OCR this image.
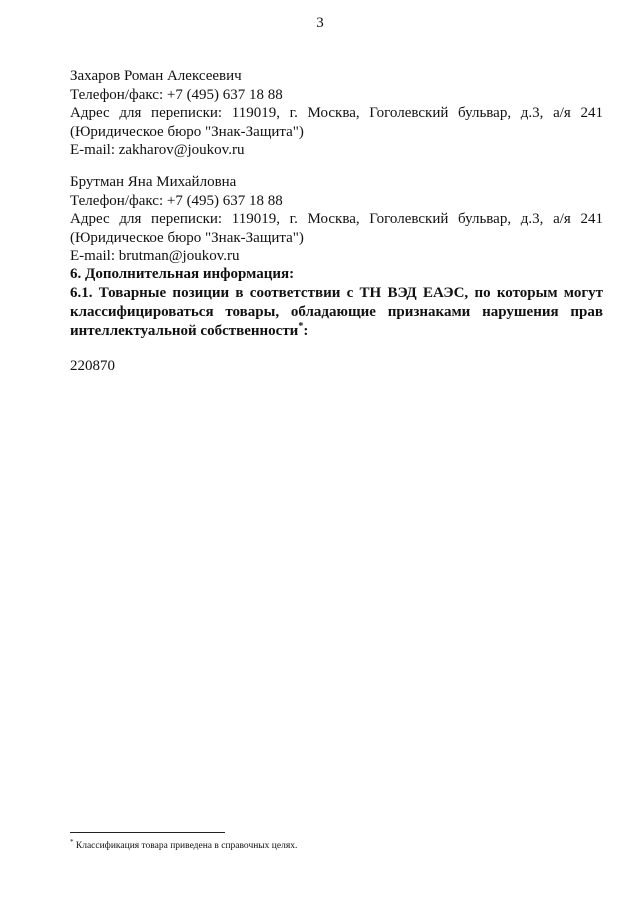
3
Захаров Роман Алексеевич
Телефон/факс: +7 (495) 637 18 88
Адрес для переписки: 119019, г. Москва, Гоголевский бульвар, д.3, а/я 241
(Юридическое бюро "Знак-Защита")
E-mail: zakharov@joukov.ru
Брутман Яна Михайловна
Телефон/факс: +7 (495) 637 18 88
Адрес для переписки: 119019, г. Москва, Гоголевский бульвар, д.3, а/я 241
(Юридическое бюро "Знак-Защита")
E-mail: brutman@joukov.ru
6. Дополнительная информация:
6.1. Товарные позиции в соответствии с ТН ВЭД ЕАЭС, по которым могут классифицироваться товары, обладающие признаками нарушения прав интеллектуальной собственности*:
220870
* Классификация товара приведена в справочных целях.
